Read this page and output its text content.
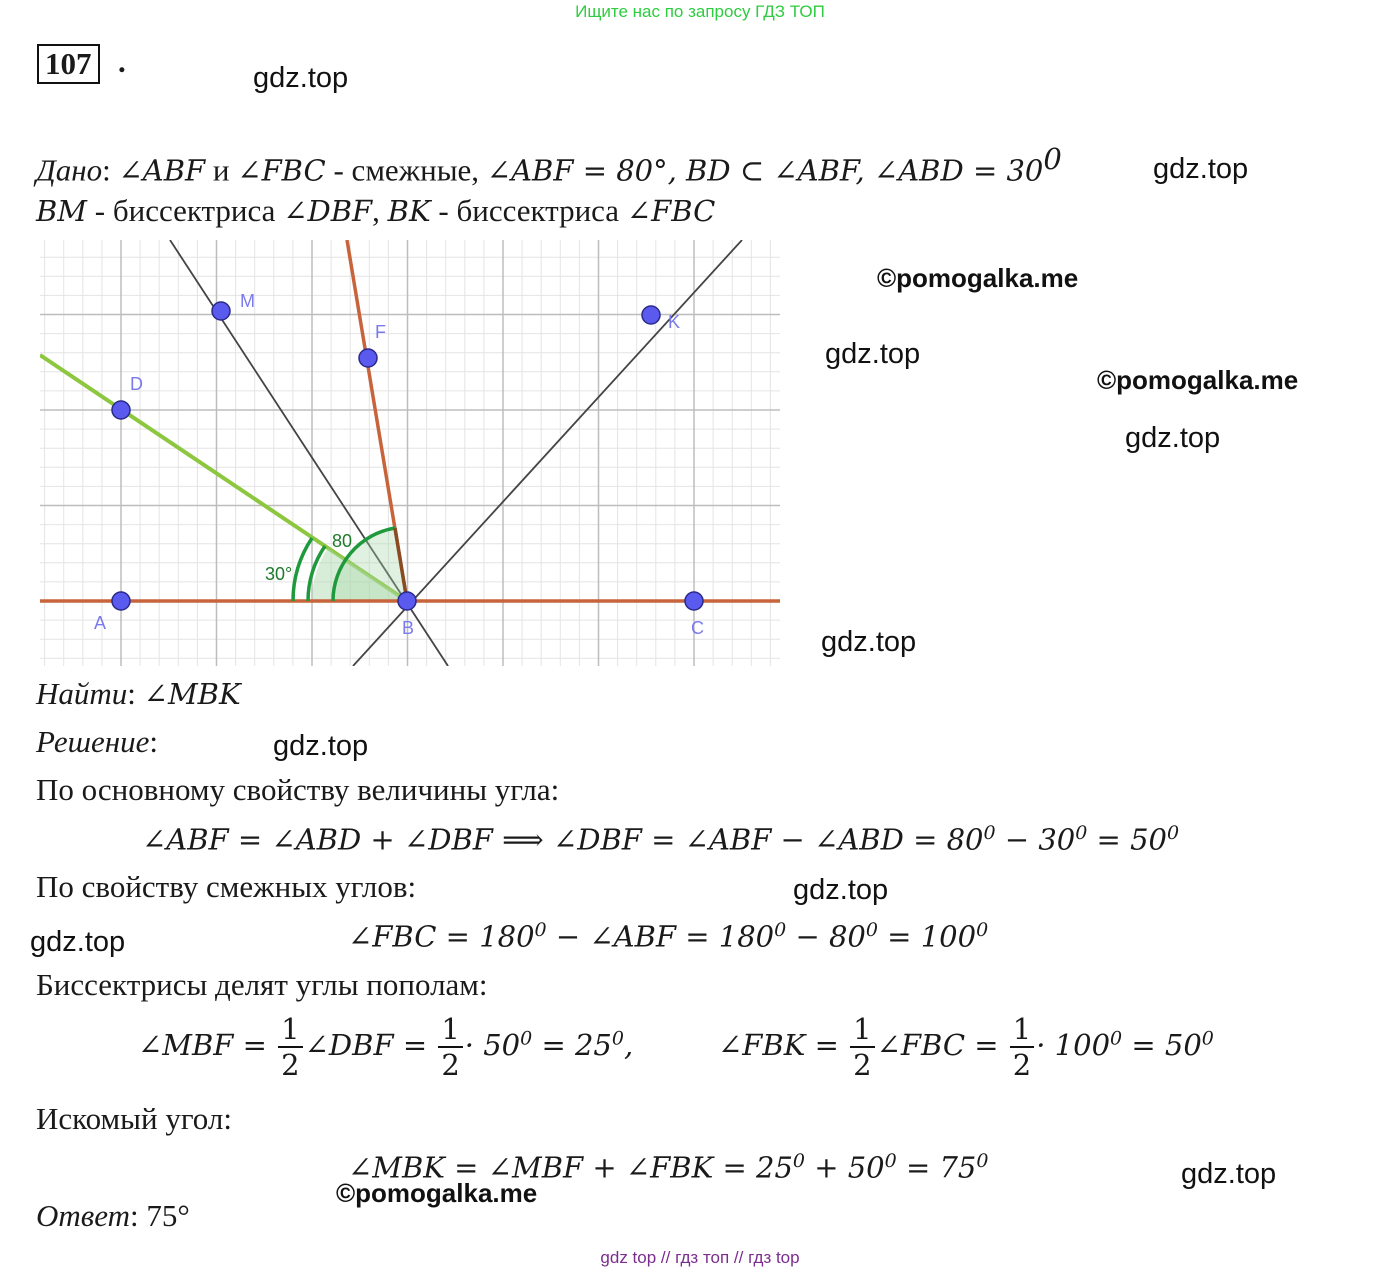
Ищите нас по запросу ГДЗ ТОП
107 .	gdz.top
gdz.top
©pomogalka.me
gdz.top
©pomogalka.me
gdz.top
gdz.top
gdz.top
gdz.top
gdz.top
gdz.top
©pomogalka.me
Дано: ∠ABF и ∠FBC - смежные, ∠ABF = 80°, BD ⊂ ∠ABF, ∠ABD = $30^0$
BM - биссектриса ∠DBF, BK - биссектриса ∠FBC
M
F	K
D
A	B	C
30°
80
Найти: ∠MBK
Решение:
По основному свойству величины угла:
∠ABF = ∠ABD + ∠DBF ⟹ ∠DBF = ∠ABF − ∠ABD = $80^0 - 30^0 = 50^0$
По свойству смежных углов:
∠FBC = $180^0$ − ∠ABF = $180^0 - 80^0 = 100^0$
Биссектрисы делят углы пополам:
∠MBF = $\frac{1}{2}$ ∠DBF = $\frac{1}{2} \cdot 50^0 = 25^0$,	∠FBK = $\frac{1}{2}$ ∠FBC = $\frac{1}{2} \cdot 100^0 = 50^0$
Искомый угол:
∠MBK = ∠MBF + ∠FBK = $25^0 + 50^0 = 75^0$
Ответ: 75°
gdz top // гдз топ // гдз top
